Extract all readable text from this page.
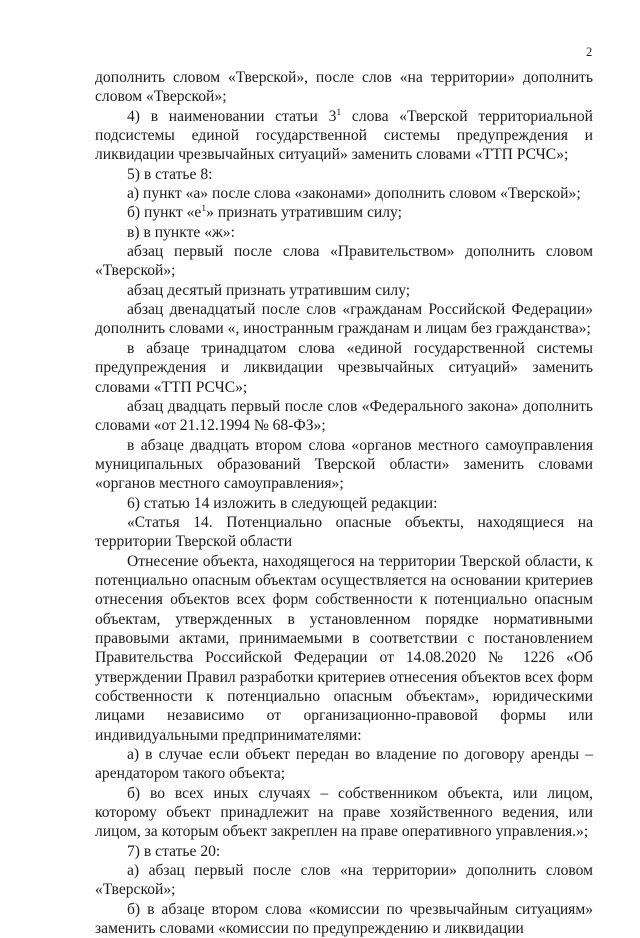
2

дополнить словом «Тверской», после слов «на территории» дополнить словом «Тверской»;

4) в наименовании статьи $3^1$ слова «Тверской территориальной подсистемы единой государственной системы предупреждения и ликвидации чрезвычайных ситуаций» заменить словами «ТТП РСЧС»;

5) в статье 8:

а) пункт «а» после слова «законами» дополнить словом «Тверской»;

б) пункт «$е^1$» признать утратившим силу;

в) в пункте «ж»:

абзац первый после слова «Правительством» дополнить словом «Тверской»;

абзац десятый признать утратившим силу;

абзац двенадцатый после слов «гражданам Российской Федерации» дополнить словами «, иностранным гражданам и лицам без гражданства»;

в абзаце тринадцатом слова «единой государственной системы предупреждения и ликвидации чрезвычайных ситуаций» заменить словами «ТТП РСЧС»;

абзац двадцать первый после слов «Федерального закона» дополнить словами «от 21.12.1994 № 68-ФЗ»;

в абзаце двадцать втором слова «органов местного самоуправления муниципальных образований Тверской области» заменить словами «органов местного самоуправления»;

6) статью 14 изложить в следующей редакции:

«Статья 14. Потенциально опасные объекты, находящиеся на территории Тверской области

Отнесение объекта, находящегося на территории Тверской области, к потенциально опасным объектам осуществляется на основании критериев отнесения объектов всех форм собственности к потенциально опасным объектам, утвержденных в установленном порядке нормативными правовыми актами, принимаемыми в соответствии с постановлением Правительства Российской Федерации от 14.08.2020 № 1226 «Об утверждении Правил разработки критериев отнесения объектов всех форм собственности к потенциально опасным объектам», юридическими лицами независимо от организационно-правовой формы или индивидуальными предпринимателями:

а) в случае если объект передан во владение по договору аренды – арендатором такого объекта;

б) во всех иных случаях – собственником объекта, или лицом, которому объект принадлежит на праве хозяйственного ведения, или лицом, за которым объект закреплен на праве оперативного управления.»;

7) в статье 20:

а) абзац первый после слов «на территории» дополнить словом «Тверской»;

б) в абзаце втором слова «комиссии по чрезвычайным ситуациям» заменить словами «комиссии по предупреждению и ликвидации
